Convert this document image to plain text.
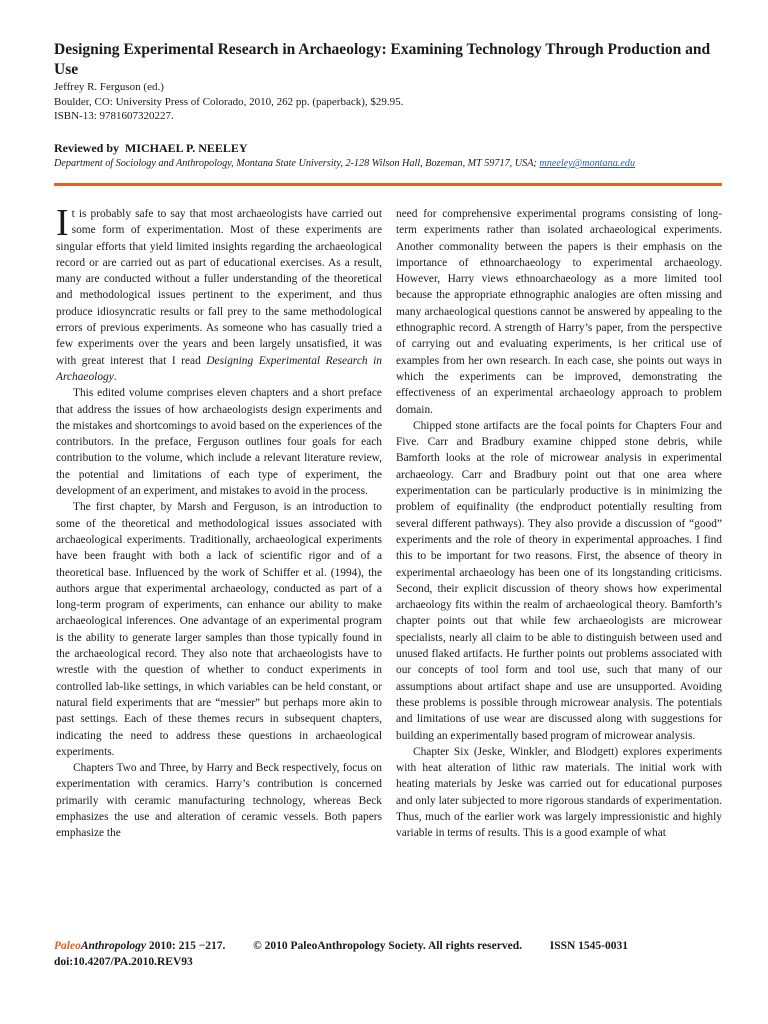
Designing Experimental Research in Archaeology: Examining Technology Through Production and Use

Jeffrey R. Ferguson (ed.)

Boulder, CO: University Press of Colorado, 2010, 262 pp. (paperback), $29.95.

ISBN-13: 9781607320227.

Reviewed by MICHAEL P. NEELEY
Department of Sociology and Anthropology, Montana State University, 2-128 Wilson Hall, Bozeman, MT 59717, USA; mneeley@montana.edu

It is probably safe to say that most archaeologists have carried out some form of experimentation. Most of these experiments are singular efforts that yield limited insights regarding the archaeological record or are carried out as part of educational exercises. As a result, many are conducted without a fuller understanding of the theoretical and methodological issues pertinent to the experiment, and thus produce idiosyncratic results or fall prey to the same methodological errors of previous experiments. As someone who has casually tried a few experiments over the years and been largely unsatisfied, it was with great interest that I read Designing Experimental Research in Archaeology.

This edited volume comprises eleven chapters and a short preface that address the issues of how archaeologists design experiments and the mistakes and shortcomings to avoid based on the experiences of the contributors. In the preface, Ferguson outlines four goals for each contribution to the volume, which include a relevant literature review, the potential and limitations of each type of experiment, the development of an experiment, and mistakes to avoid in the process.

The first chapter, by Marsh and Ferguson, is an introduction to some of the theoretical and methodological issues associated with archaeological experiments. Traditionally, archaeological experiments have been fraught with both a lack of scientific rigor and of a theoretical base. Influenced by the work of Schiffer et al. (1994), the authors argue that experimental archaeology, conducted as part of a long-term program of experiments, can enhance our ability to make archaeological inferences. One advantage of an experimental program is the ability to generate larger samples than those typically found in the archaeological record. They also note that archaeologists have to wrestle with the question of whether to conduct experiments in controlled lab-like settings, in which variables can be held constant, or natural field experiments that are “messier” but perhaps more akin to past settings. Each of these themes recurs in subsequent chapters, indicating the need to address these questions in archaeological experiments.

Chapters Two and Three, by Harry and Beck respectively, focus on experimentation with ceramics. Harry’s contribution is concerned primarily with ceramic manufacturing technology, whereas Beck emphasizes the use and alteration of ceramic vessels. Both papers emphasize the

need for comprehensive experimental programs consisting of long-term experiments rather than isolated archaeological experiments. Another commonality between the papers is their emphasis on the importance of ethnoarchaeology to experimental archaeology. However, Harry views ethnoarchaeology as a more limited tool because the appropriate ethnographic analogies are often missing and many archaeological questions cannot be answered by appealing to the ethnographic record. A strength of Harry’s paper, from the perspective of carrying out and evaluating experiments, is her critical use of examples from her own research. In each case, she points out ways in which the experiments can be improved, demonstrating the effectiveness of an experimental archaeology approach to problem domain.

Chipped stone artifacts are the focal points for Chapters Four and Five. Carr and Bradbury examine chipped stone debris, while Bamforth looks at the role of microwear analysis in experimental archaeology. Carr and Bradbury point out that one area where experimentation can be particularly productive is in minimizing the problem of equifinality (the endproduct potentially resulting from several different pathways). They also provide a discussion of “good” experiments and the role of theory in experimental approaches. I find this to be important for two reasons. First, the absence of theory in experimental archaeology has been one of its longstanding criticisms. Second, their explicit discussion of theory shows how experimental archaeology fits within the realm of archaeological theory. Bamforth’s chapter points out that while few archaeologists are microwear specialists, nearly all claim to be able to distinguish between used and unused flaked artifacts. He further points out problems associated with our concepts of tool form and tool use, such that many of our assumptions about artifact shape and use are unsupported. Avoiding these problems is possible through microwear analysis. The potentials and limitations of use wear are discussed along with suggestions for building an experimentally based program of microwear analysis.

Chapter Six (Jeske, Winkler, and Blodgett) explores experiments with heat alteration of lithic raw materials. The initial work with heating materials by Jeske was carried out for educational purposes and only later subjected to more rigorous standards of experimentation. Thus, much of the earlier work was largely impressionistic and highly variable in terms of results. This is a good example of what

PaleoAnthropology 2010: 215 −217. © 2010 PaleoAnthropology Society. All rights reserved. ISSN 1545-0031
doi:10.4207/PA.2010.REV93
